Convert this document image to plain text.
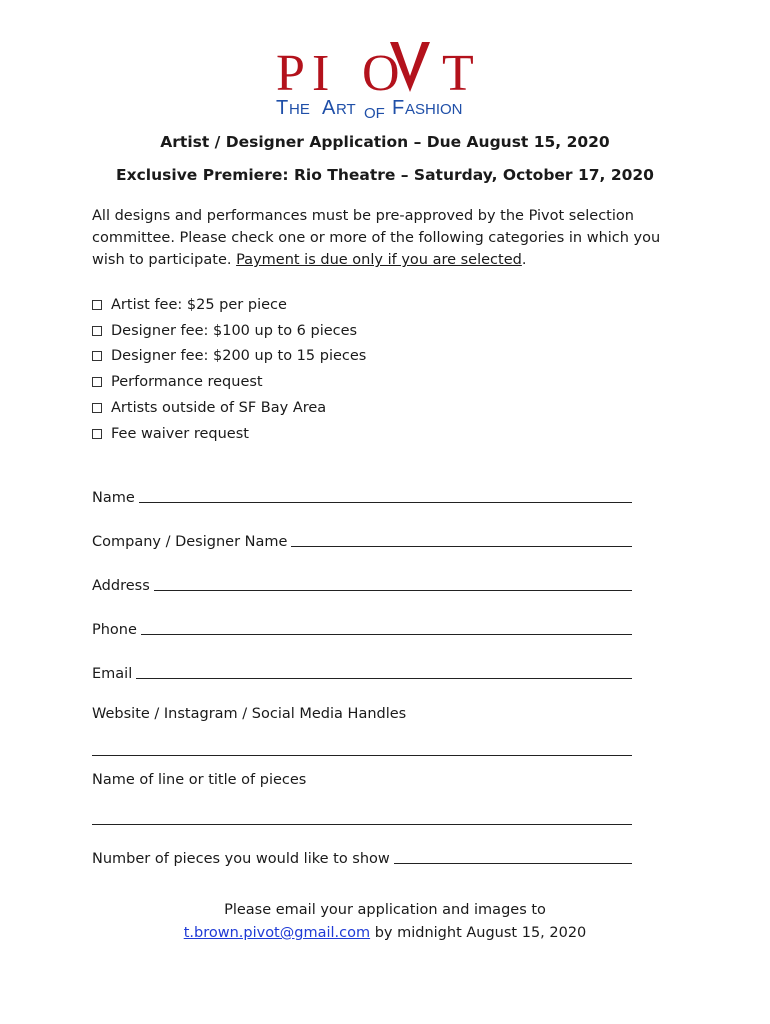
P I O T
T HE A RT OF F ASHION
Artist / Designer Application – Due August 15, 2020
Exclusive Premiere: Rio Theatre – Saturday, October 17, 2020
All designs and performances must be pre-approved by the Pivot selection committee. Please check one or more of the following categories in which you wish to participate. Payment is due only if you are selected.
Artist fee: $25 per piece
Designer fee: $100 up to 6 pieces
Designer fee: $200 up to 15 pieces
Performance request
Artists outside of SF Bay Area
Fee waiver request
Name
Company / Designer Name
Address
Phone
Email
Website / Instagram / Social Media Handles
Name of line or title of pieces
Number of pieces you would like to show
Please email your application and images to
t.brown.pivot@gmail.com by midnight August 15, 2020
